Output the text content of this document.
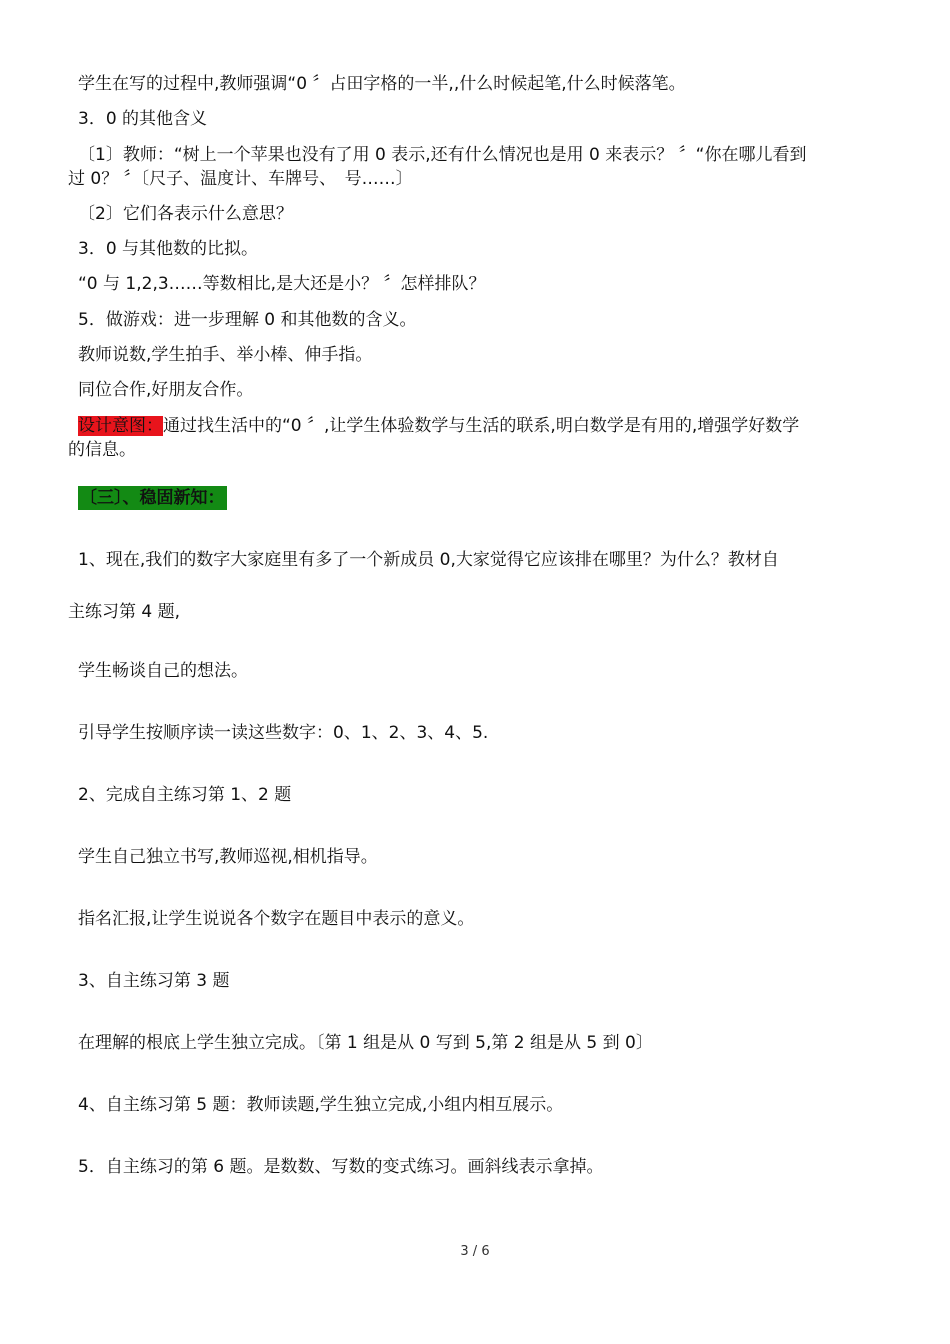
学生在写的过程中,教师强调“0 〞占田字格的一半,,什么时候起笔,什么时候落笔。
3．0 的其他含义
〔1〕教师：“树上一个苹果也没有了用 0 表示,还有什么情况也是用 0 来表示？ 〞“你在哪儿看到
过 0？ 〞〔尺子、温度计、车牌号、　号……〕
〔2〕它们各表示什么意思？
3．0 与其他数的比拟。
“0 与 1,2,3……等数相比,是大还是小？ 〞怎样排队？
5．做游戏：进一步理解 0 和其他数的含义。
教师说数,学生拍手、举小棒、伸手指。
同位合作,好朋友合作。
设计意图：通过找生活中的“0 〞,让学生体验数学与生活的联系,明白数学是有用的,增强学好数学
的信息。
〔三〕、稳固新知：
1、现在,我们的数字大家庭里有多了一个新成员 0,大家觉得它应该排在哪里？为什么？教材自
主练习第 4 题,
学生畅谈自己的想法。
引导学生按顺序读一读这些数字：0、1、2、3、4、5.
2、完成自主练习第 1、2 题
学生自己独立书写,教师巡视,相机指导。
指名汇报,让学生说说各个数字在题目中表示的意义。
3、自主练习第 3 题
在理解的根底上学生独立完成。〔第 1 组是从 0 写到 5,第 2 组是从 5 到 0〕
4、自主练习第 5 题：教师读题,学生独立完成,小组内相互展示。
5．自主练习的第 6 题。是数数、写数的变式练习。画斜线表示拿掉。
3 / 6
